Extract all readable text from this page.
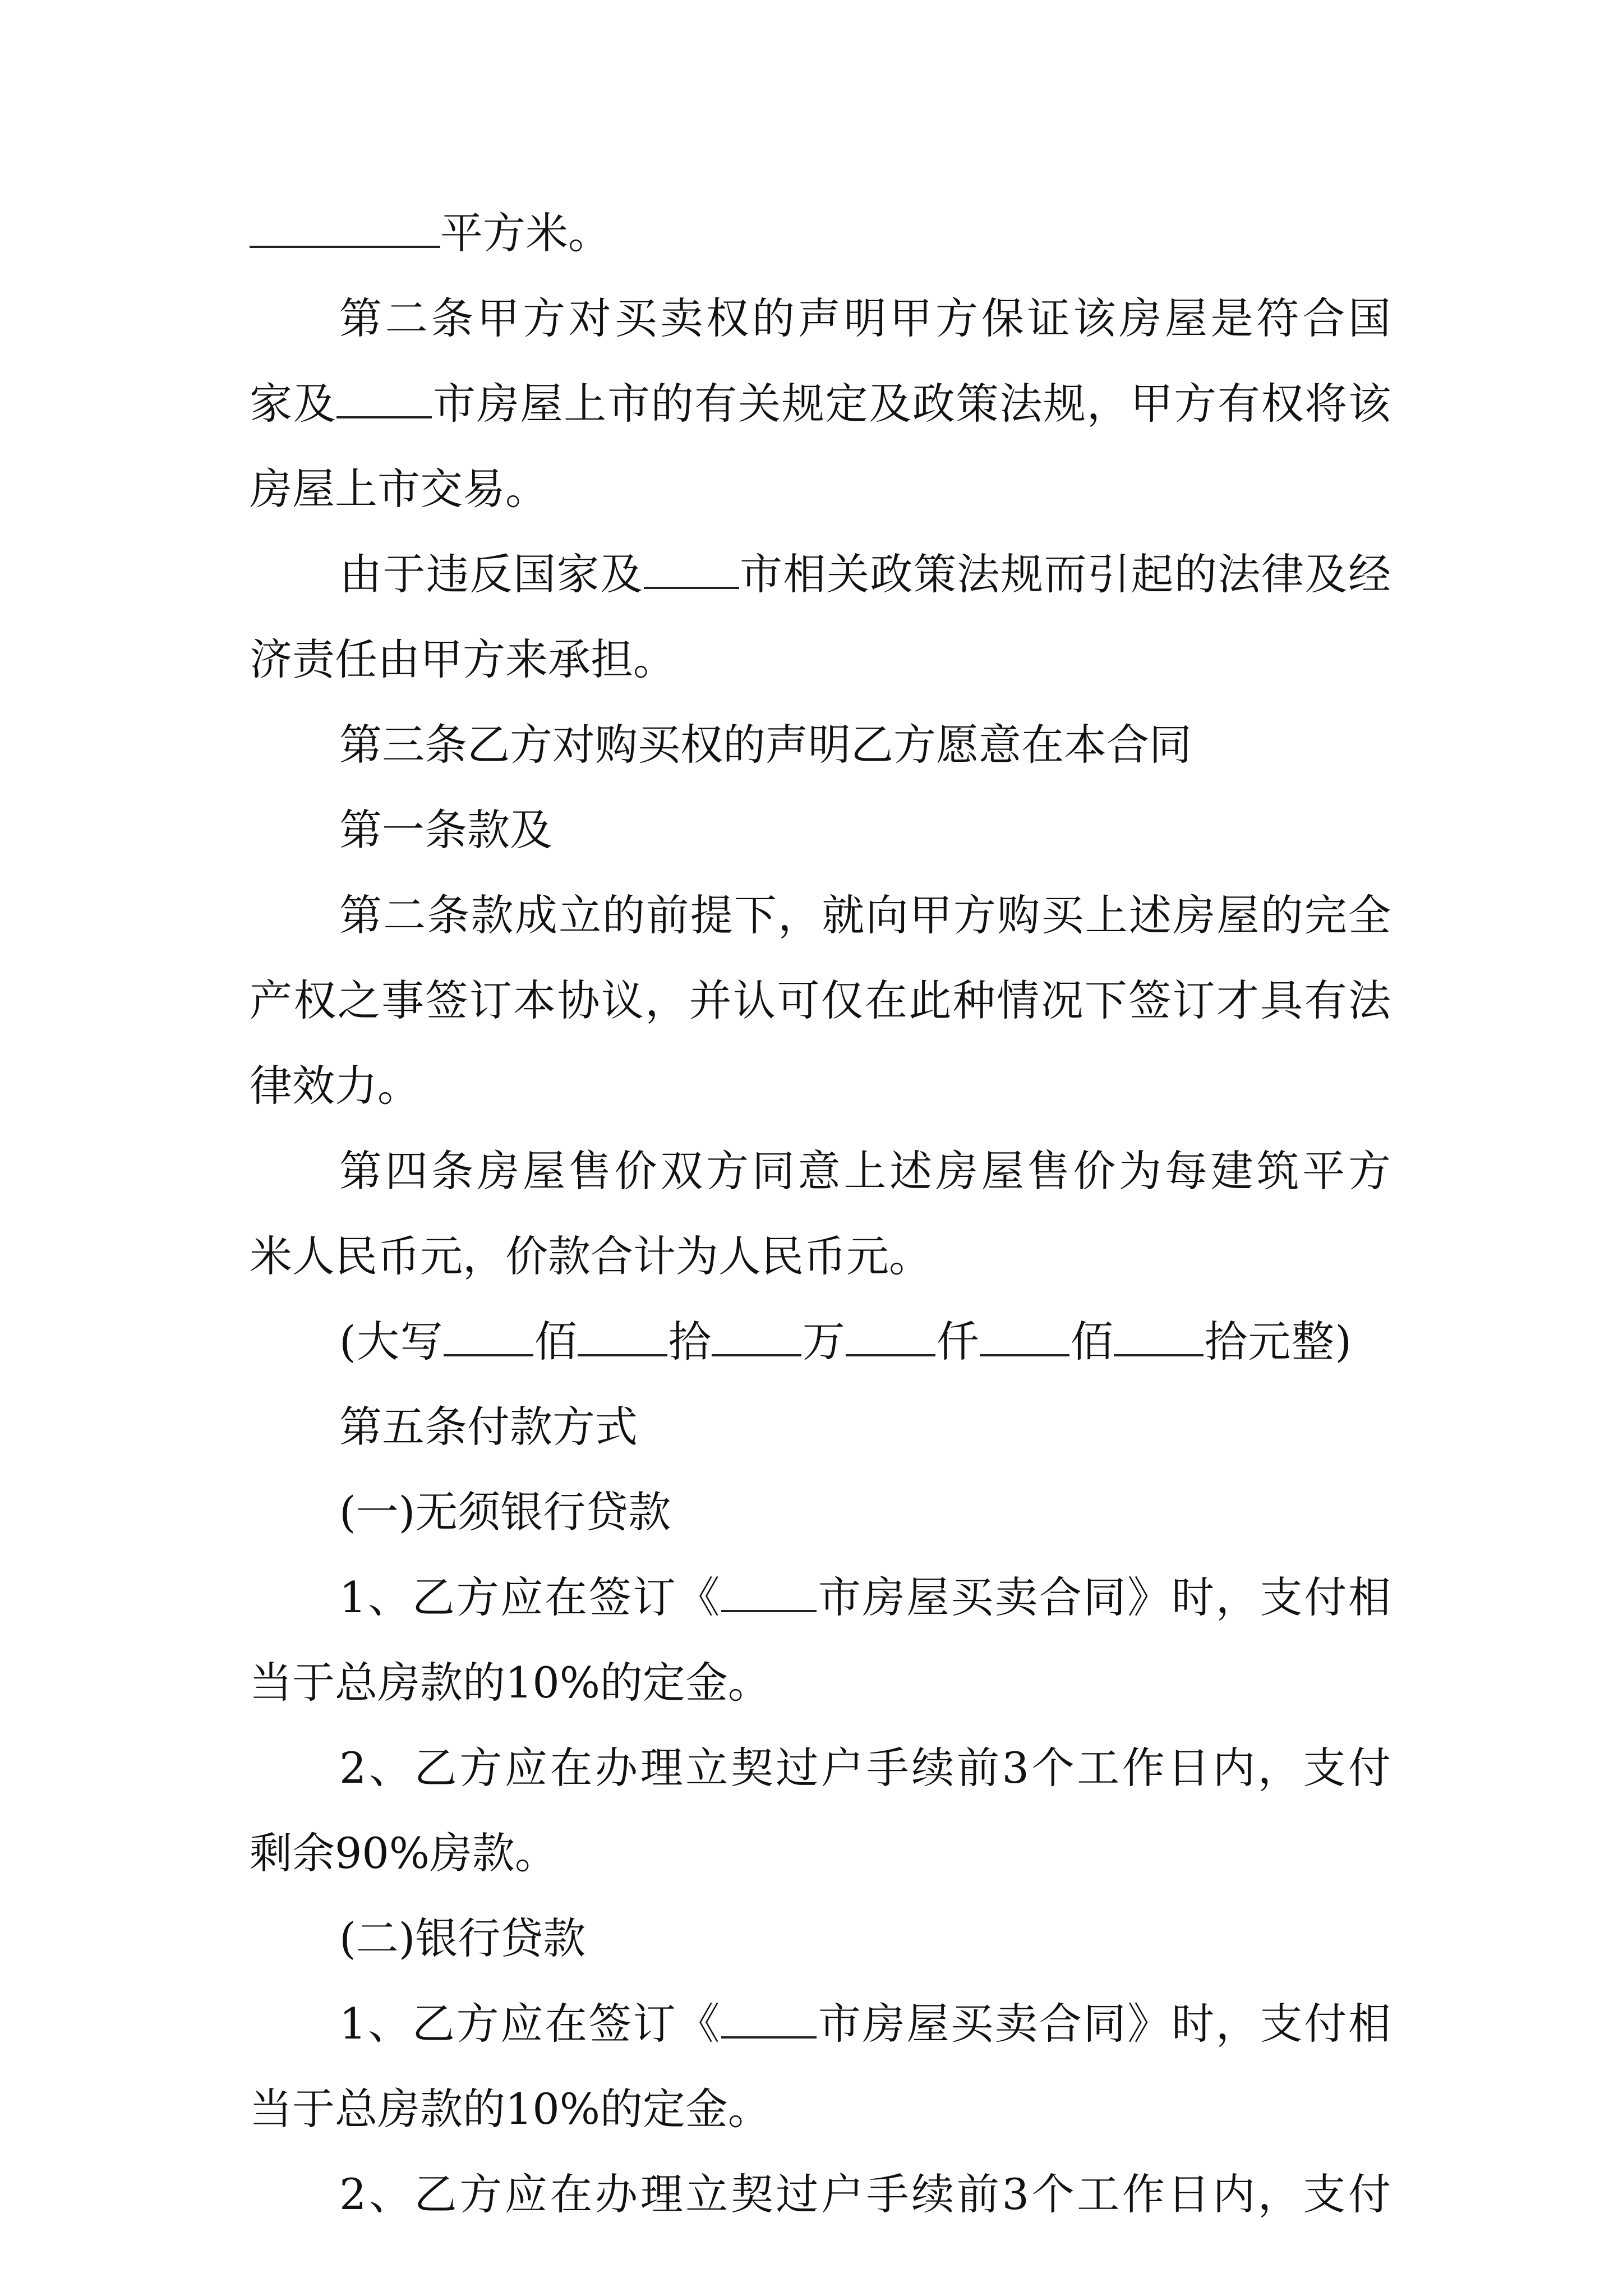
平方米。
第二条甲方对买卖权的声明甲方保证该房屋是符合国
家及 市房屋上市的有关规定及政策法规，甲方有权将该
房屋上市交易。
由于违反国家及 市相关政策法规而引起的法律及经
济责任由甲方来承担。
第三条乙方对购买权的声明乙方愿意在本合同
第一条款及
第二条款成立的前提下，就向甲方购买上述房屋的完全
产权之事签订本协议，并认可仅在此种情况下签订才具有法
律效力。
第四条房屋售价双方同意上述房屋售价为每建筑平方
米人民币元，价款合计为人民币元。
(大写 佰 拾 万 仟 佰 拾元整)
第五条付款方式
(一)无须银行贷款
1、乙方应在签订《 市房屋买卖合同》时，支付相
当于总房款的10%的定金。
2、乙方应在办理立契过户手续前3个工作日内，支付
剩余90%房款。
(二)银行贷款
1、乙方应在签订《 市房屋买卖合同》时，支付相
当于总房款的10%的定金。
2、乙方应在办理立契过户手续前3个工作日内，支付
